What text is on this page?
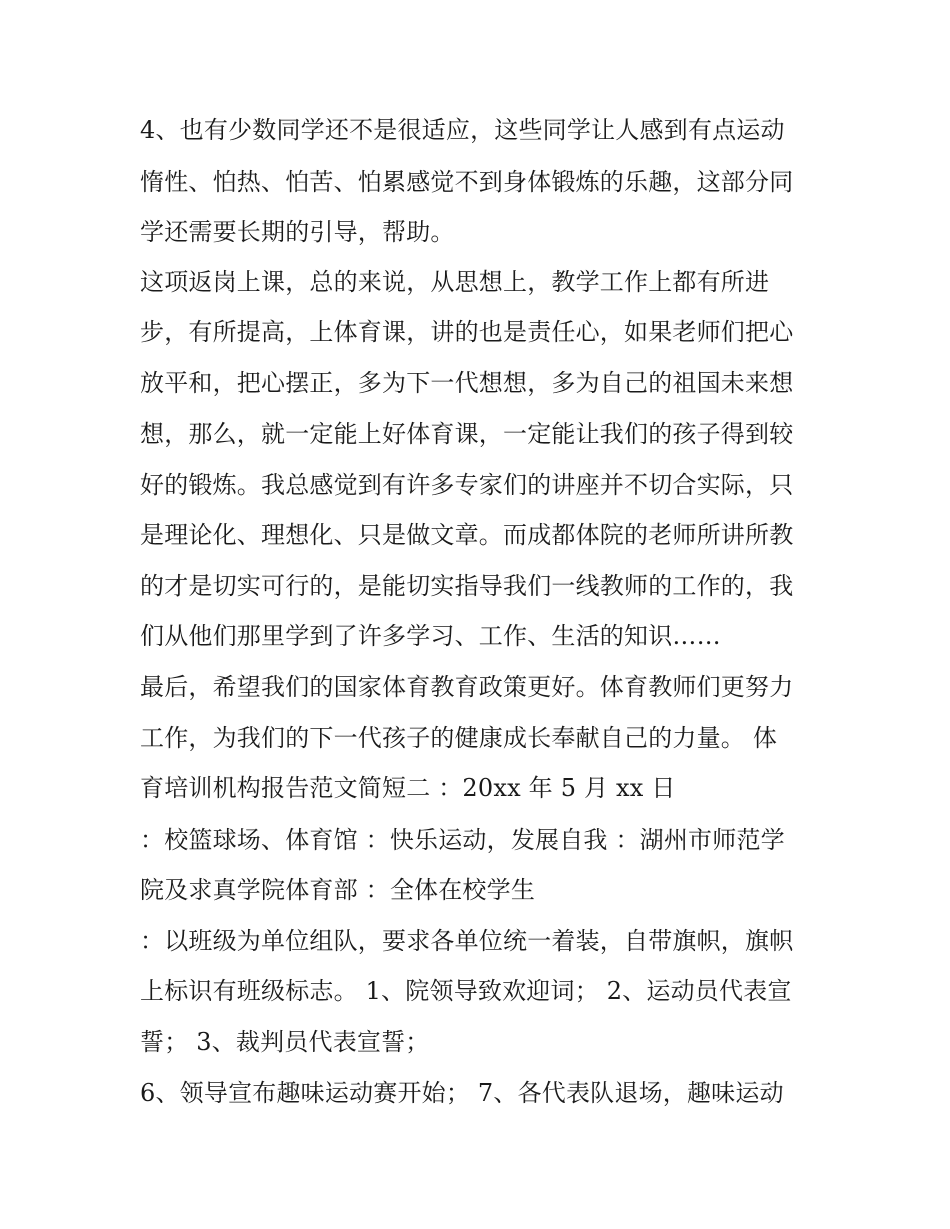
4、也有少数同学还不是很适应，这些同学让人感到有点运动
惰性、怕热、怕苦、怕累感觉不到身体锻炼的乐趣，这部分同
学还需要长期的引导，帮助。
这项返岗上课，总的来说，从思想上，教学工作上都有所进
步，有所提高，上体育课，讲的也是责任心，如果老师们把心
放平和，把心摆正，多为下一代想想，多为自己的祖国未来想
想，那么，就一定能上好体育课，一定能让我们的孩子得到较
好的锻炼。我总感觉到有许多专家们的讲座并不切合实际，只
是理论化、理想化、只是做文章。而成都体院的老师所讲所教
的才是切实可行的，是能切实指导我们一线教师的工作的，我
们从他们那里学到了许多学习、工作、生活的知识……
最后，希望我们的国家体育教育政策更好。体育教师们更努力
工作，为我们的下一代孩子的健康成长奉献自己的力量。 体
育培训机构报告范文简短二 ：20xx 年 5 月 xx 日
：校篮球场、体育馆 ：快乐运动，发展自我 ：湖州市师范学
院及求真学院体育部 ：全体在校学生
：以班级为单位组队，要求各单位统一着装，自带旗帜，旗帜
上标识有班级标志。 1、院领导致欢迎词； 2、运动员代表宣
誓； 3、裁判员代表宣誓；
6、领导宣布趣味运动赛开始； 7、各代表队退场，趣味运动
